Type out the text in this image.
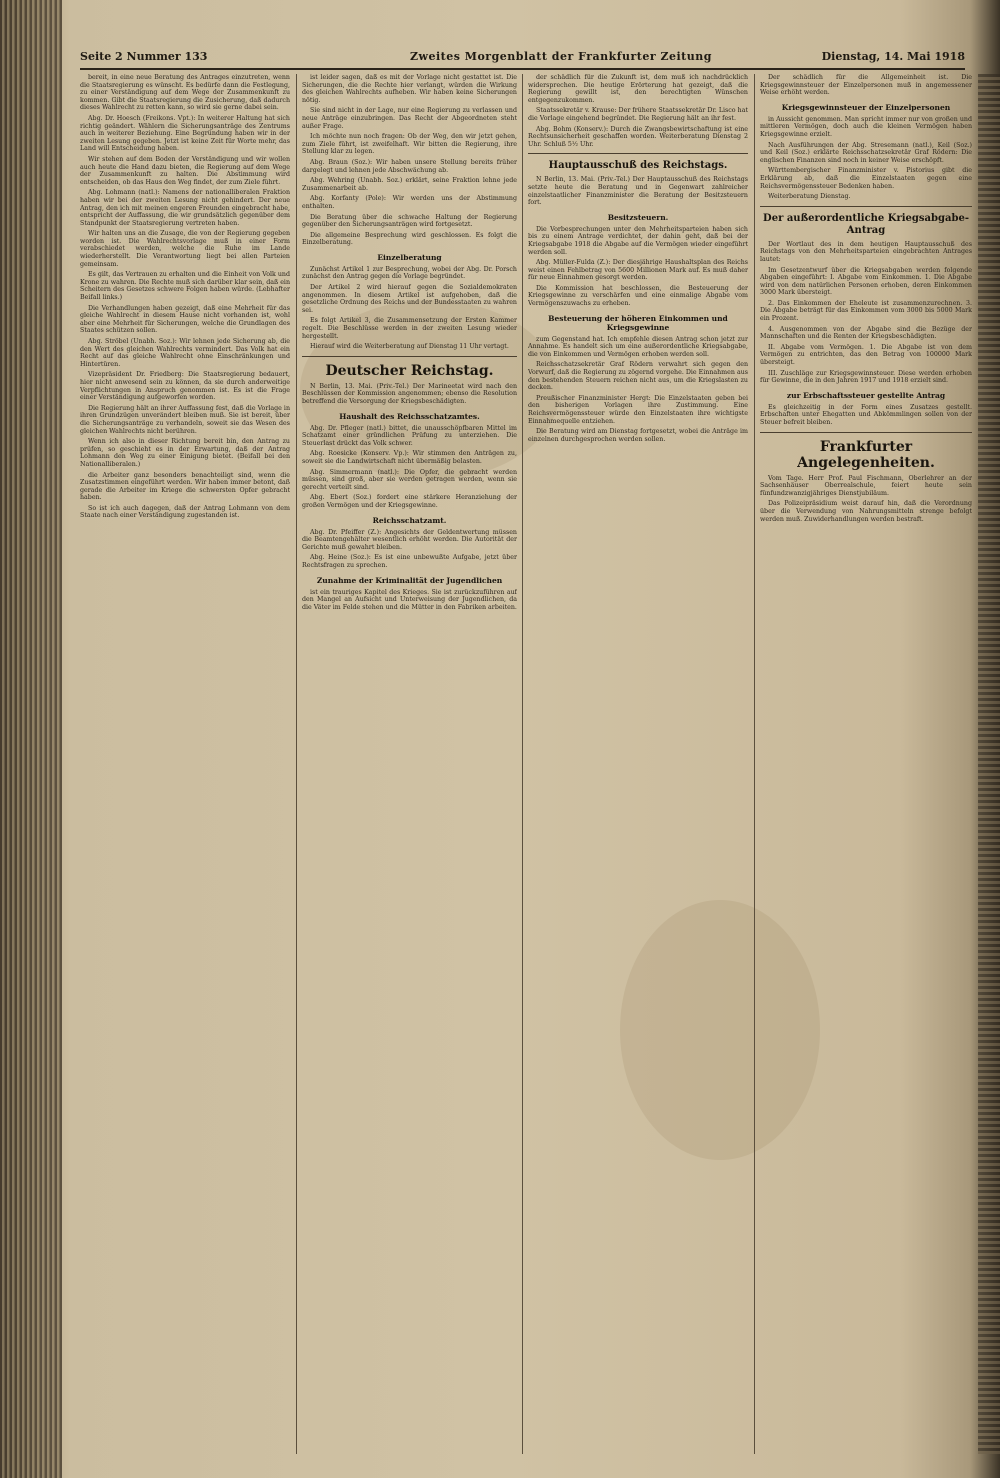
Seite 2 Nummer 133	Zweites Morgenblatt der Frankfurter Zeitung	Dienstag, 14. Mai 1918

bereit, in eine neue Beratung des Antrages einzutreten, wenn die Staatsregierung es wünscht. Es bedürfe dann die Festlegung, zu einer Verständigung auf dem Wege der Zusammenkunft zu kommen. Gibt die Staatsregierung die Zusicherung, daß dadurch dieses Wahlrecht zu retten kann, so wird sie gerne dabei sein.

Abg. Dr. Hoesch (Freikons. Vpt.): In weiterer Haltung hat sich richtig geändert. Wählern die Sicherungsanträge des Zentrums auch in weiterer Beziehung. Eine Begründung haben wir in der zweiten Lesung gegeben. Jetzt ist keine Zeit für Worte mehr, das Land will Entscheidung haben.

Wir stehen auf dem Boden der Verständigung und wir wollen auch heute die Hand dazu bieten, die Regierung auf dem Wege der Zusammenkunft zu halten. Die Abstimmung wird entscheiden, ob das Haus den Weg findet, der zum Ziele führt.

Abg. Lohmann (natl.): Namens der nationalliberalen Fraktion haben wir bei der zweiten Lesung nicht gehindert. Der neue Antrag, den ich mit meinen engeren Freunden eingebracht habe, entspricht der Auffassung, die wir grundsätzlich gegenüber dem Standpunkt der Staatsregierung vertreten haben.

Wir halten uns an die Zusage, die von der Regierung gegeben worden ist. Die Wahlrechtsvorlage muß in einer Form verabschiedet werden, welche die Ruhe im Lande wiederherstellt. Die Verantwortung liegt bei allen Parteien gemeinsam.

Es gilt, das Vertrauen zu erhalten und die Einheit von Volk und Krone zu wahren. Die Rechte muß sich darüber klar sein, daß ein Scheitern des Gesetzes schwere Folgen haben würde. (Lebhafter Beifall links.)

Die Verhandlungen haben gezeigt, daß eine Mehrheit für das gleiche Wahlrecht in diesem Hause nicht vorhanden ist, wohl aber eine Mehrheit für Sicherungen, welche die Grundlagen des Staates schützen sollen.

Abg. Ströbel (Unabh. Soz.): Wir lehnen jede Sicherung ab, die den Wert des gleichen Wahlrechts vermindert. Das Volk hat ein Recht auf das gleiche Wahlrecht ohne Einschränkungen und Hintertüren.

Vizepräsident Dr. Friedberg: Die Staatsregierung bedauert, hier nicht anwesend sein zu können, da sie durch anderweitige Verpflichtungen in Anspruch genommen ist. Es ist die Frage einer Verständigung aufgeworfen worden.

Die Regierung hält an ihrer Auffassung fest, daß die Vorlage in ihren Grundzügen unverändert bleiben muß. Sie ist bereit, über die Sicherungsanträge zu verhandeln, soweit sie das Wesen des gleichen Wahlrechts nicht berühren.

Wenn ich also in dieser Richtung bereit bin, den Antrag zu prüfen, so geschieht es in der Erwartung, daß der Antrag Lohmann den Weg zu einer Einigung bietet. (Beifall bei den Nationalliberalen.)

die Arbeiter ganz besonders benachteiligt sind, wenn die Zusatzstimmen eingeführt werden. Wir haben immer betont, daß gerade die Arbeiter im Kriege die schwersten Opfer gebracht haben.

So ist ich auch dagegen, daß der Antrag Lohmann von dem Staate nach einer Verständigung zugestanden ist.

ist leider sagen, daß es mit der Vorlage nicht gestattet ist. Die Sicherungen, die die Rechte hier verlangt, würden die Wirkung des gleichen Wahlrechts aufheben. Wir haben keine Sicherungen nötig.

Sie sind nicht in der Lage, nur eine Regierung zu verlassen und neue Anträge einzubringen. Das Recht der Abgeordneten steht außer Frage.

Ich möchte nun noch fragen: Ob der Weg, den wir jetzt gehen, zum Ziele führt, ist zweifelhaft. Wir bitten die Regierung, ihre Stellung klar zu legen.

Abg. Braun (Soz.): Wir haben unsere Stellung bereits früher dargelegt und lehnen jede Abschwächung ab.

Abg. Wehring (Unabh. Soz.) erklärt, seine Fraktion lehne jede Zusammenarbeit ab.

Abg. Korfanty (Pole): Wir werden uns der Abstimmung enthalten.

Die Beratung über die schwache Haltung der Regierung gegenüber den Sicherungsanträgen wird fortgesetzt.

Die allgemeine Besprechung wird geschlossen. Es folgt die Einzelberatung.

Einzelberatung

Zunächst Artikel 1 zur Besprechung, wobei der Abg. Dr. Porsch zunächst den Antrag gegen die Vorlage begründet.

Der Artikel 2 wird hierauf gegen die Sozialdemokraten angenommen. In diesem Artikel ist aufgehoben, daß die gesetzliche Ordnung des Reichs und der Bundesstaaten zu wahren sei.

Es folgt Artikel 3, die Zusammensetzung der Ersten Kammer regelt. Die Beschlüsse werden in der zweiten Lesung wieder hergestellt.

Hierauf wird die Weiterberatung auf Dienstag 11 Uhr vertagt.

Deutscher Reichstag.

N Berlin, 13. Mai. (Priv.-Tel.) Der Marineetat wird nach den Beschlüssen der Kommission angenommen; ebenso die Resolution betreffend die Versorgung der Kriegsbeschädigten.

Haushalt des Reichsschatzamtes.

Abg. Dr. Pfleger (natl.) bittet, die unausschöpfbaren Mittel im Schatzamt einer gründlichen Prüfung zu unterziehen. Die Steuerlast drückt das Volk schwer.

Abg. Roesicke (Konserv. Vp.): Wir stimmen den Anträgen zu, soweit sie die Landwirtschaft nicht übermäßig belasten.

Abg. Simmermann (natl.): Die Opfer, die gebracht werden müssen, sind groß, aber sie werden getragen werden, wenn sie gerecht verteilt sind.

Abg. Ebert (Soz.) fordert eine stärkere Heranziehung der großen Vermögen und der Kriegsgewinne.

Reichsschatzamt.

Abg. Dr. Pfeiffer (Z.): Angesichts der Geldentwertung müssen die Beamtengehälter wesentlich erhöht werden. Die Autorität der Gerichte muß gewahrt bleiben.

Abg. Heine (Soz.): Es ist eine unbewußte Aufgabe, jetzt über Rechtsfragen zu sprechen.

Zunahme der Kriminalität der Jugendlichen

ist ein trauriges Kapitel des Krieges. Sie ist zurückzuführen auf den Mangel an Aufsicht und Unterweisung der Jugendlichen, da die Väter im Felde stehen und die Mütter in den Fabriken arbeiten.

der schädlich für die Zukunft ist, dem muß ich nachdrücklich widersprechen. Die heutige Erörterung hat gezeigt, daß die Regierung gewillt ist, den berechtigten Wünschen entgegenzukommen.

Staatssekretär v. Krause: Der frühere Staatssekretär Dr. Lisco hat die Vorlage eingehend begründet. Die Regierung hält an ihr fest.

Abg. Bohm (Konserv.): Durch die Zwangsbewirtschaftung ist eine Rechtsunsicherheit geschaffen worden. Weiterberatung Dienstag 2 Uhr. Schluß 5½ Uhr.

Hauptausschuß des Reichstags.

N Berlin, 13. Mai. (Priv.-Tel.) Der Hauptausschuß des Reichstags setzte heute die Beratung und in Gegenwart zahlreicher einzelstaatlicher Finanzminister die Beratung der Besitzsteuern fort.

Besitzsteuern.

Die Vorbesprechungen unter den Mehrheitsparteien haben sich bis zu einem Antrage verdichtet, der dahin geht, daß bei der Kriegsabgabe 1918 die Abgabe auf die Vermögen wieder eingeführt werden soll.

Abg. Müller-Fulda (Z.): Der diesjährige Haushaltsplan des Reichs weist einen Fehlbetrag von 5600 Millionen Mark auf. Es muß daher für neue Einnahmen gesorgt werden.

Die Kommission hat beschlossen, die Besteuerung der Kriegsgewinne zu verschärfen und eine einmalige Abgabe vom Vermögenszuwachs zu erheben.

Besteuerung der höheren Einkommen und Kriegsgewinne

zum Gegenstand hat. Ich empfehle diesen Antrag schon jetzt zur Annahme. Es handelt sich um eine außerordentliche Kriegsabgabe, die von Einkommen und Vermögen erhoben werden soll.

Reichsschatzsekretär Graf Rödern verwahrt sich gegen den Vorwurf, daß die Regierung zu zögernd vorgehe. Die Einnahmen aus den bestehenden Steuern reichen nicht aus, um die Kriegslasten zu decken.

Preußischer Finanzminister Hergt: Die Einzelstaaten geben bei den bisherigen Vorlagen ihre Zustimmung. Eine Reichsvermögenssteuer würde den Einzelstaaten ihre wichtigste Einnahmequelle entziehen.

Die Beratung wird am Dienstag fortgesetzt, wobei die Anträge im einzelnen durchgesprochen werden sollen.

Der schädlich für die Allgemeinheit ist. Die Kriegsgewinnsteuer der Einzelpersonen muß in angemessener Weise erhöht werden.

Kriegsgewinnsteuer der Einzelpersonen

in Aussicht genommen. Man spricht immer nur von großen und mittleren Vermögen, doch auch die kleinen Vermögen haben Kriegsgewinne erzielt.

Nach Ausführungen der Abg. Stresemann (natl.), Keil (Soz.) und Keil (Soz.) erklärte Reichsschatzsekretär Graf Rödern: Die englischen Finanzen sind noch in keiner Weise erschöpft.

Württembergischer Finanzminister v. Pistorius gibt die Erklärung ab, daß die Einzelstaaten gegen eine Reichsvermögenssteuer Bedenken haben.

Weiterberatung Dienstag.

Der außerordentliche Kriegsabgabe-Antrag

Der Wortlaut des in dem heutigen Hauptausschuß des Reichstags von den Mehrheitsparteien eingebrachten Antrages lautet:

Im Gesetzentwurf über die Kriegsabgaben werden folgende Abgaben eingeführt: I. Abgabe vom Einkommen. 1. Die Abgabe wird von dem natürlichen Personen erhoben, deren Einkommen 3000 Mark übersteigt.

2. Das Einkommen der Eheleute ist zusammenzurechnen. 3. Die Abgabe beträgt für das Einkommen vom 3000 bis 5000 Mark ein Prozent.

4. Ausgenommen von der Abgabe sind die Bezüge der Mannschaften und die Renten der Kriegsbeschädigten.

II. Abgabe vom Vermögen. 1. Die Abgabe ist von dem Vermögen zu entrichten, das den Betrag von 100000 Mark übersteigt.

III. Zuschläge zur Kriegsgewinnsteuer. Diese werden erhoben für Gewinne, die in den Jahren 1917 und 1918 erzielt sind.

zur Erbschaftssteuer gestellte Antrag

Es gleichzeitig in der Form eines Zusatzes gestellt. Erbschaften unter Ehegatten und Abkömmlingen sollen von der Steuer befreit bleiben.

Frankfurter Angelegenheiten.

Vom Tage. Herr Prof. Paul Fischmann, Oberlehrer an der Sachsenhäuser Oberrealschule, feiert heute sein fünfundzwanzigjähriges Dienstjubiläum.

Das Polizeipräsidium weist darauf hin, daß die Verordnung über die Verwendung von Nahrungsmitteln strenge befolgt werden muß. Zuwiderhandlungen werden bestraft.
